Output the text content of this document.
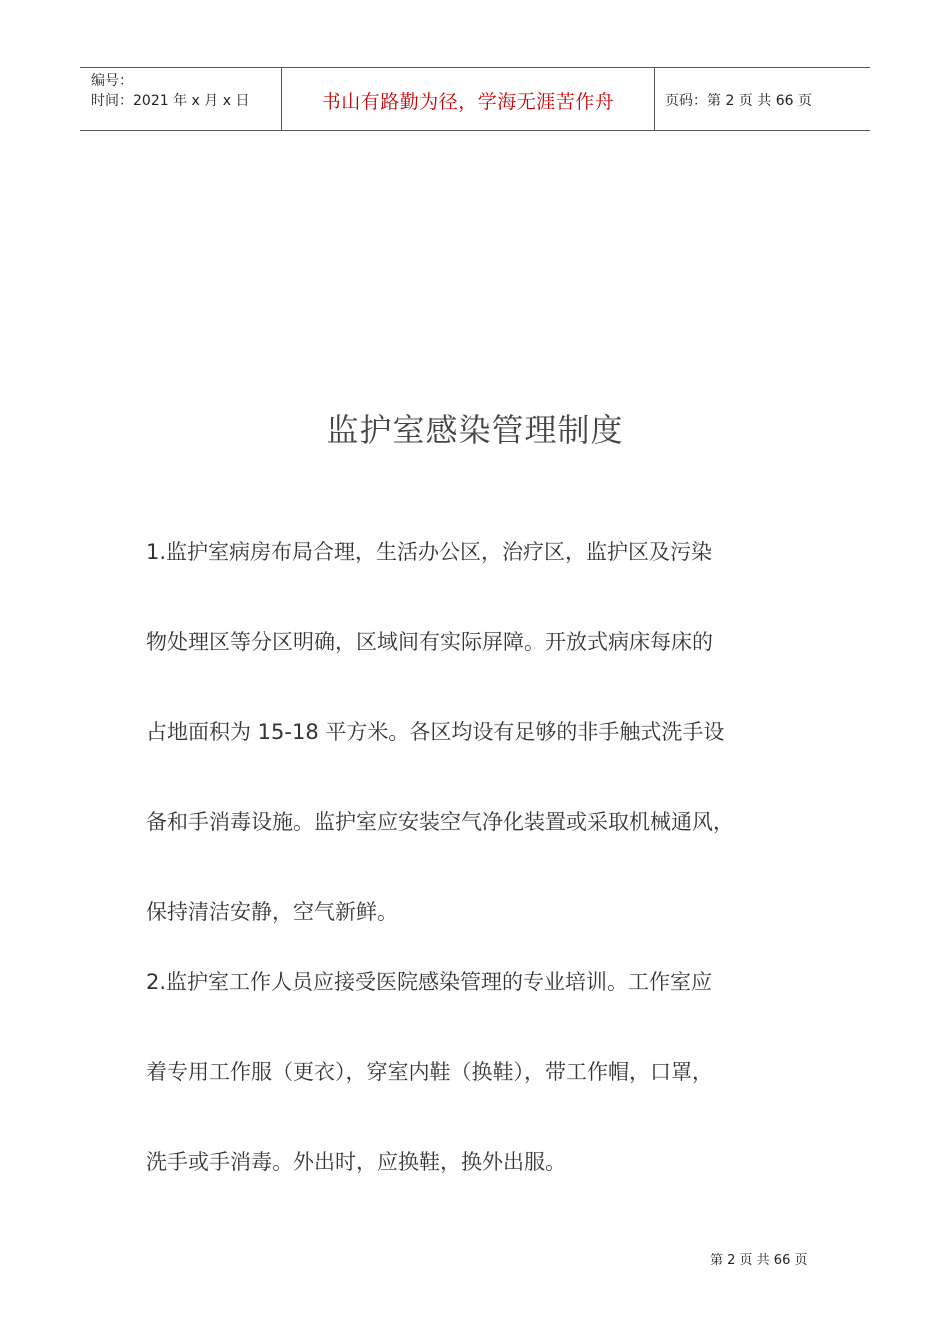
编号：
时间：2021 年 x 月 x 日	书山有路勤为径，学海无涯苦作舟	页码：第 2 页 共 66 页
监护室感染管理制度

1.监护室病房布局合理，生活办公区，治疗区，监护区及污染

物处理区等分区明确，区域间有实际屏障。开放式病床每床的

占地面积为 15-18 平方米。各区均设有足够的非手触式洗手设

备和手消毒设施。监护室应安装空气净化装置或采取机械通风，

保持清洁安静，空气新鲜。

2.监护室工作人员应接受医院感染管理的专业培训。工作室应

着专用工作服（更衣），穿室内鞋（换鞋），带工作帽，口罩，

洗手或手消毒。外出时，应换鞋，换外出服。

第 2 页 共 66 页
